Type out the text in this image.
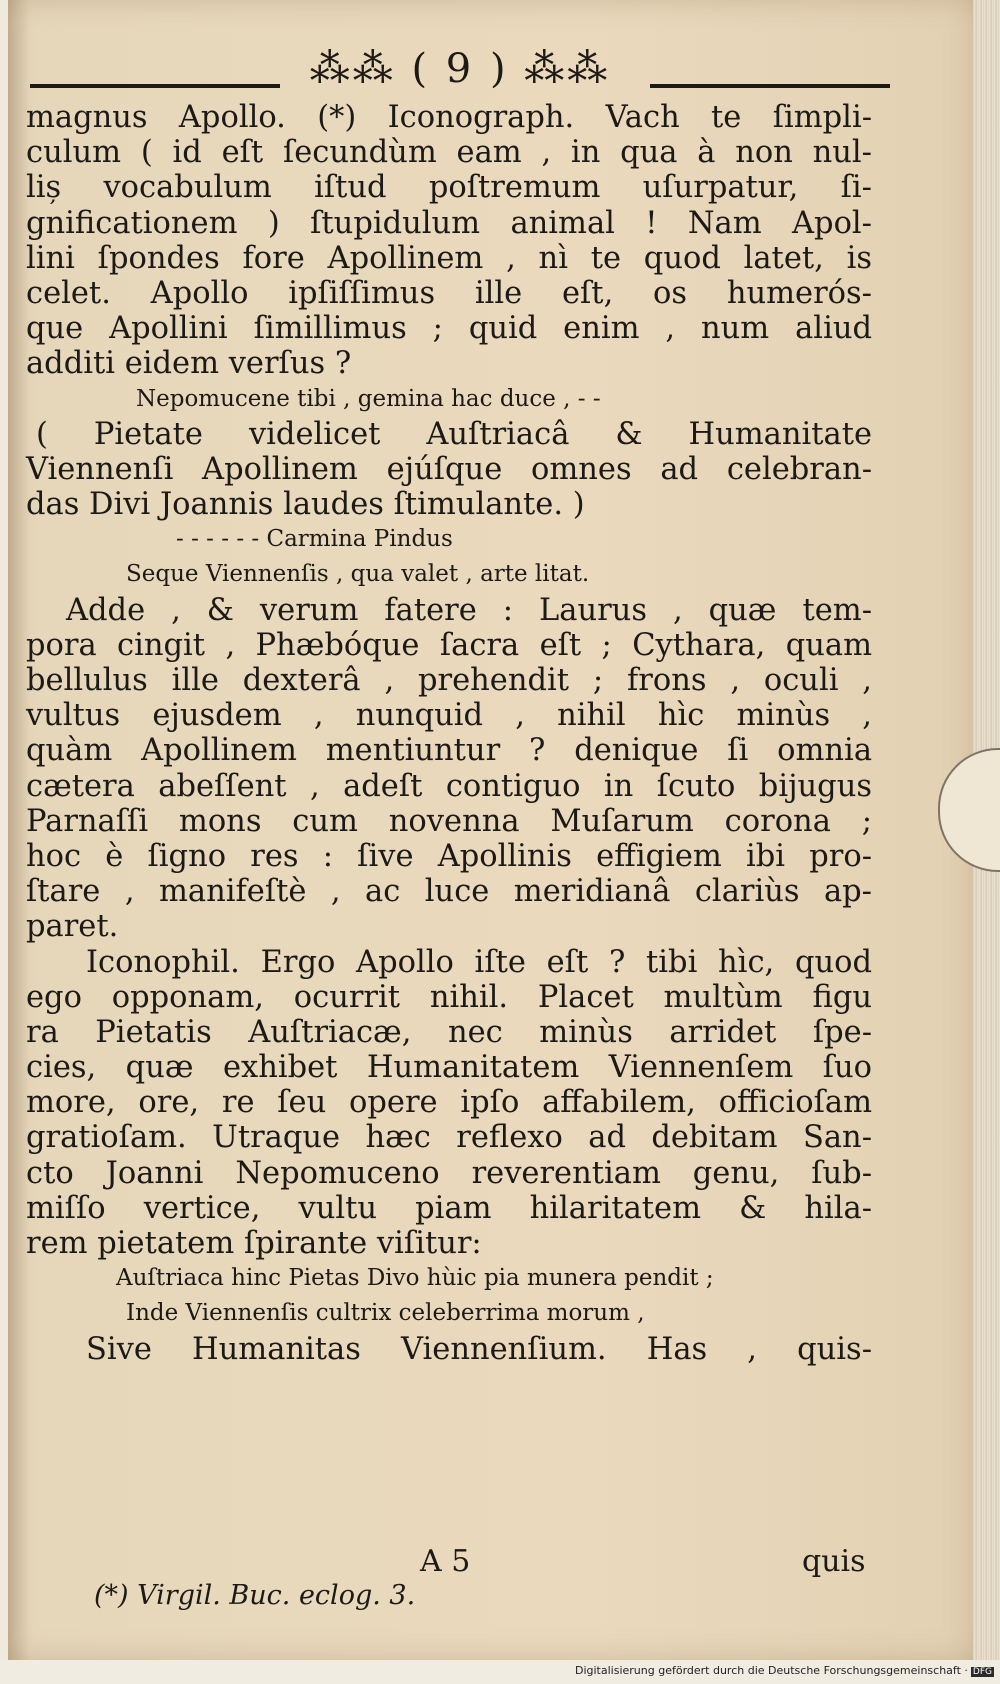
⁂⁂ ( 9 ) ⁂⁂
magnus Apollo. (*) Iconograph. Vach te ſimpli-
culum ( id eſt ſecundùm eam , in qua à non nul-
liș vocabulum iſtud poſtremum uſurpatur, ſi-
gnificationem ) ſtupidulum animal ! Nam Apol-
lini ſpondes fore Apollinem , nì te quod latet, is
celet. Apollo ipſiſſimus ille eſt, os humerós-
que Apollini ſimillimus ; quid enim , num aliud
additi eidem verſus ?
Nepomucene tibi , gemina hac duce , - -
( Pietate videlicet Auſtriacâ & Humanitate
Viennenſi Apollinem ejúſque omnes ad celebran-
das Divi Joannis laudes ſtimulante. )
- - - - - - Carmina Pindus
Seque Viennenſis , qua valet , arte litat.
Adde , & verum fatere : Laurus , quæ tem-
pora cingit , Phæbóque ſacra eſt ; Cythara, quam
bellulus ille dexterâ , prehendit ; frons , oculi ,
vultus ejusdem , nunquid , nihil hìc minùs ,
quàm Apollinem mentiuntur ? denique ſi omnia
cætera abeſſent , adeſt contiguo in ſcuto bijugus
Parnaſſi mons cum novenna Muſarum corona ;
hoc è ſigno res : ſive Apollinis effigiem ibi pro-
ſtare , manifeſtè , ac luce meridianâ clariùs ap-
paret.
Iconophil. Ergo Apollo iſte eſt ? tibi hìc, quod
ego opponam, ocurrit nihil. Placet multùm figu
ra Pietatis Auſtriacæ, nec minùs arridet ſpe-
cies, quæ exhibet Humanitatem Viennenſem ſuo
more, ore, re ſeu opere ipſo affabilem, officioſam
gratioſam. Utraque hæc reflexo ad debitam San-
cto Joanni Nepomuceno reverentiam genu, ſub-
miſſo vertice, vultu piam hilaritatem & hila-
rem pietatem ſpirante viſitur:
Auſtriaca hinc Pietas Divo hùic pia munera pendit ;
Inde Viennenſis cultrix celeberrima morum ,
Sive Humanitas Viennenſium. Has , quis-
A 5	quis
(*) Virgil. Buc. eclog. 3.
Digitalisierung gefördert durch die Deutsche Forschungsgemeinschaft · DFG
